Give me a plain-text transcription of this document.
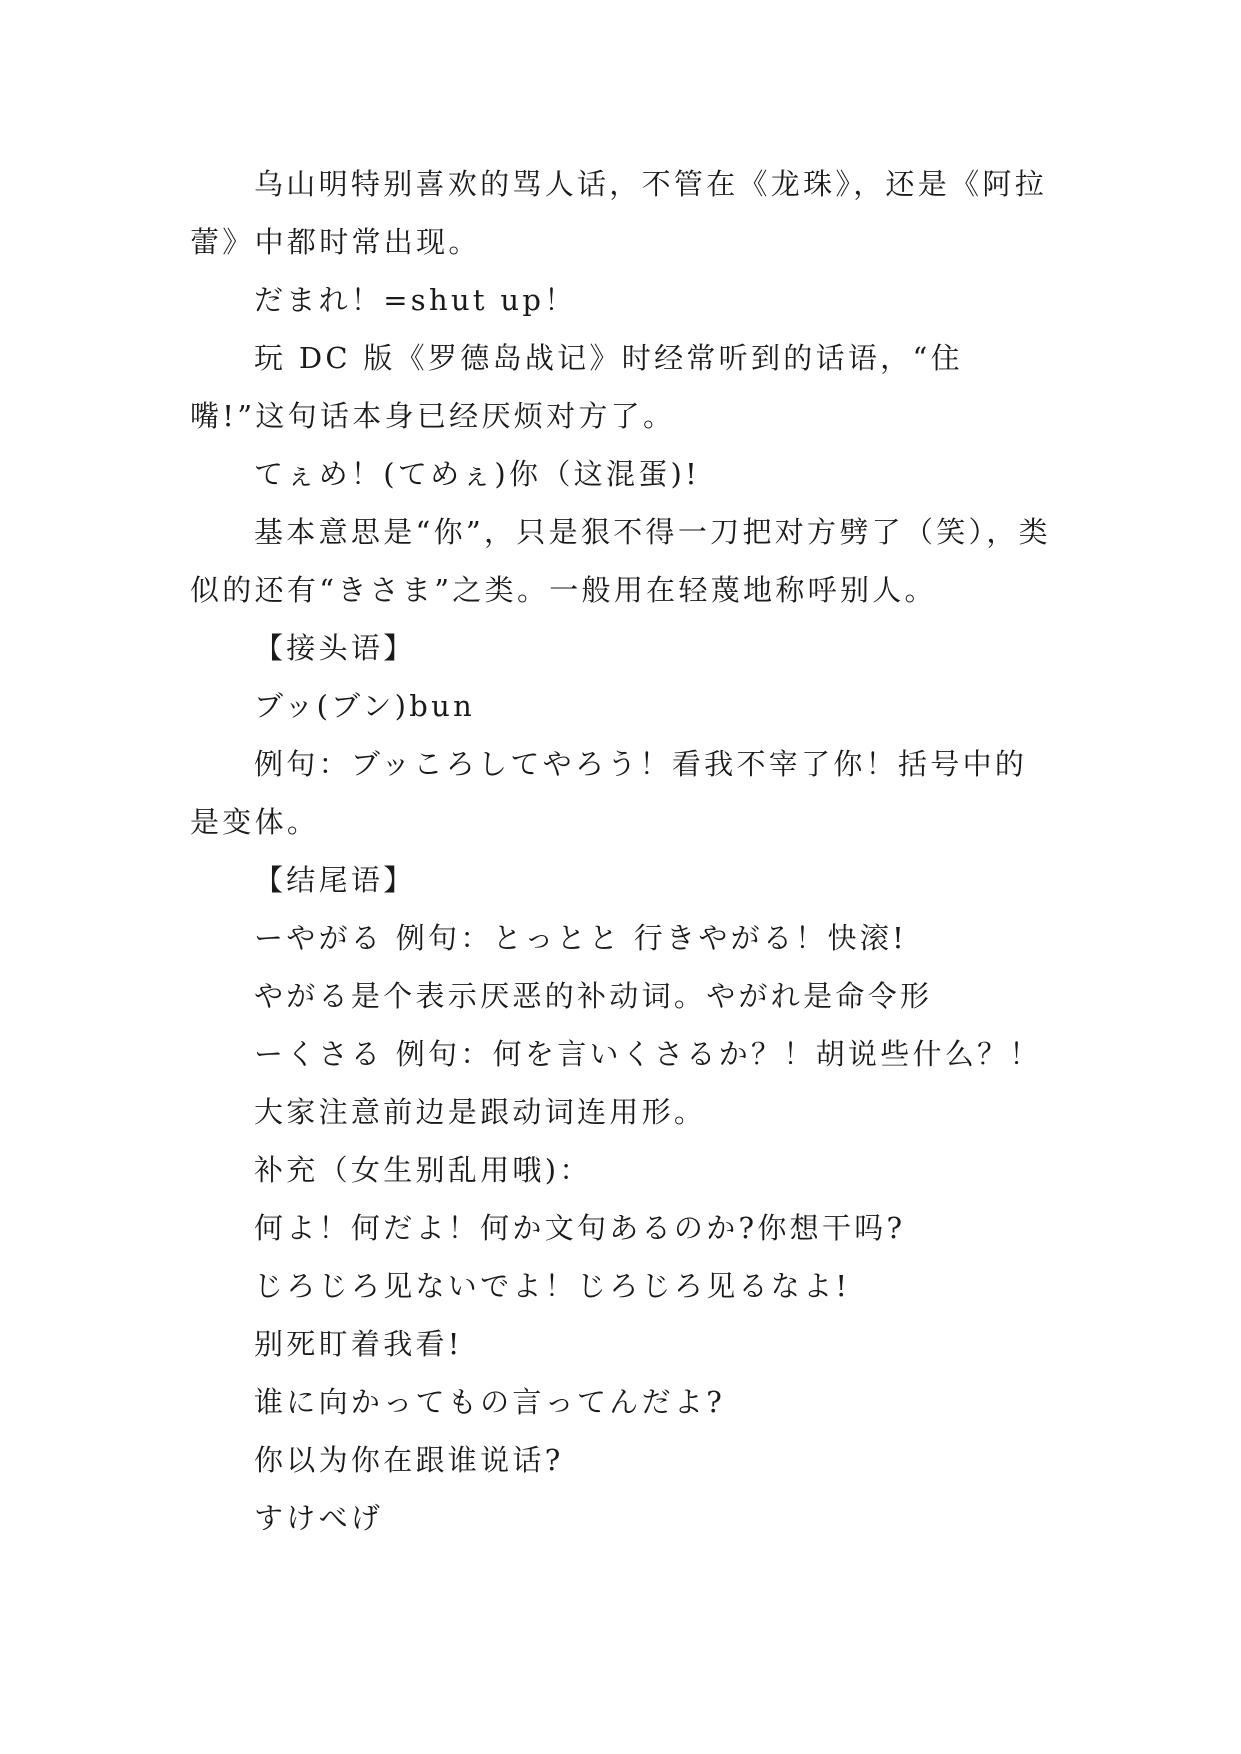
乌山明特别喜欢的骂人话，不管在《龙珠》，还是《阿拉蕾》中都时常出现。

だまれ！=shut up！

玩 DC 版《罗德岛战记》时经常听到的话语，“住嘴!”这句话本身已经厌烦对方了。

てぇめ！(てめぇ)你（这混蛋)!

基本意思是“你”，只是狠不得一刀把对方劈了（笑），类似的还有“きさま”之类。一般用在轻蔑地称呼别人。

【接头语】

ブッ(ブン)bun

例句：ブッころしてやろう！看我不宰了你！括号中的是变体。

【结尾语】

ーやがる 例句：とっとと 行きやがる！快滚!

やがる是个表示厌恶的补动词。やがれ是命令形

ーくさる 例句：何を言いくさるか？！胡说些什么？！

大家注意前边是跟动词连用形。

补充（女生别乱用哦)：

何よ！何だよ！何か文句あるのか?你想干吗?

じろじろ见ないでよ！じろじろ见るなよ!

别死盯着我看!

谁に向かってもの言ってんだよ?

你以为你在跟谁说话?

すけべげ
